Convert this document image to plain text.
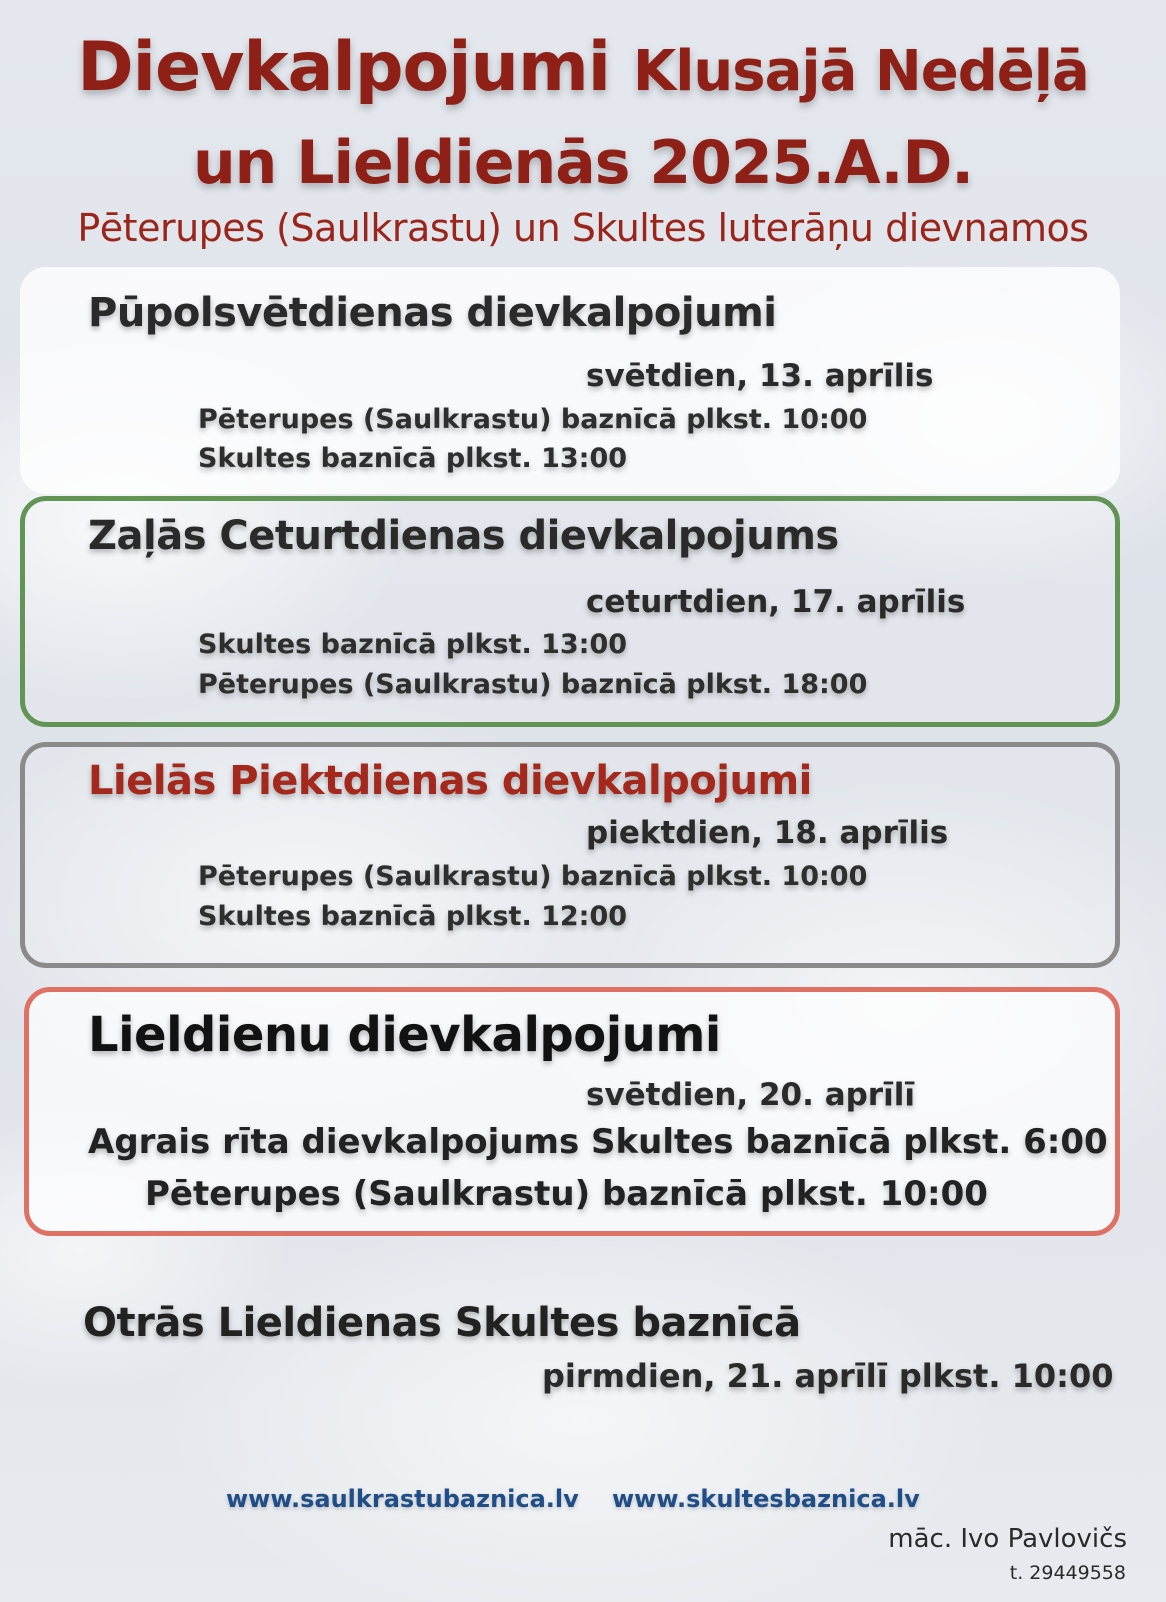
Dievkalpojumi Klusajā Nedēļā
un Lieldienās 2025.A.D.

Pēterupes (Saulkrastu) un Skultes luterāņu dievnamos

Pūpolsvētdienas dievkalpojumi

svētdien, 13. aprīlis

Pēterupes (Saulkrastu) baznīcā plkst. 10:00

Skultes baznīcā plkst. 13:00

Zaļās Ceturtdienas dievkalpojums

ceturtdien, 17. aprīlis

Skultes baznīcā plkst. 13:00

Pēterupes (Saulkrastu) baznīcā plkst. 18:00

Lielās Piektdienas dievkalpojumi

piektdien, 18. aprīlis

Pēterupes (Saulkrastu) baznīcā plkst. 10:00

Skultes baznīcā plkst. 12:00

Lieldienu dievkalpojumi

svētdien, 20. aprīlī

Agrais rīta dievkalpojums Skultes baznīcā plkst. 6:00

Pēterupes (Saulkrastu) baznīcā plkst. 10:00

Otrās Lieldienas Skultes baznīcā

pirmdien, 21. aprīlī plkst. 10:00

www.saulkrastubaznica.lv www.skultesbaznica.lv

māc. Ivo Pavlovičs

t. 29449558
